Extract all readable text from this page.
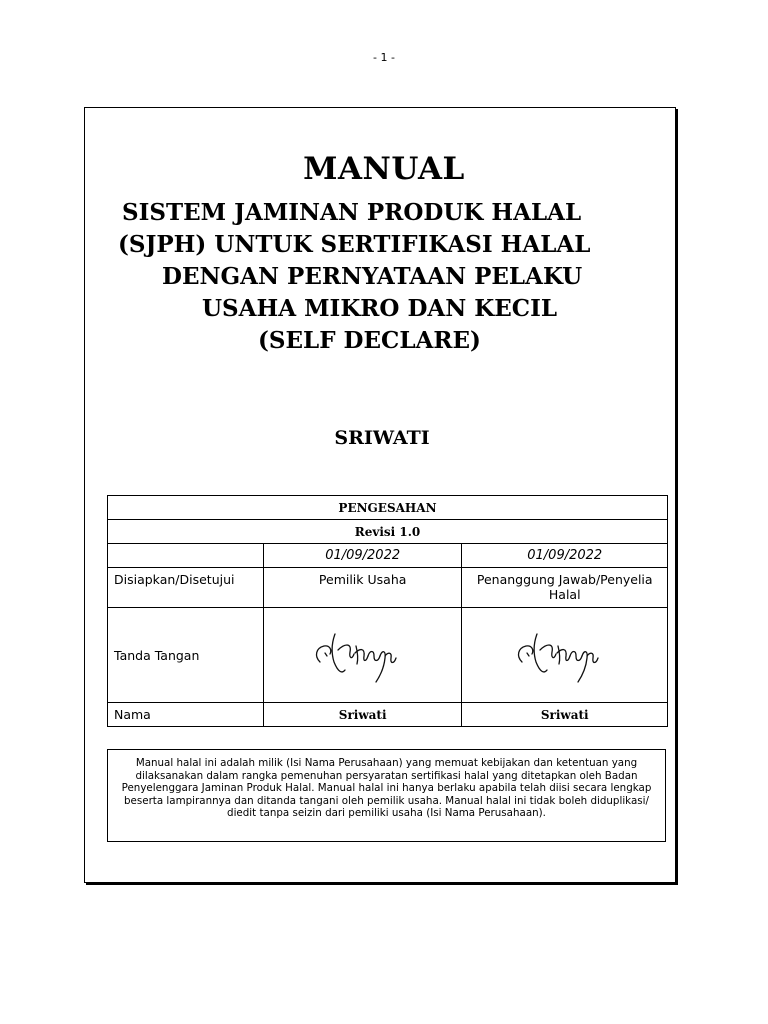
- 1 -
MANUAL
SISTEM JAMINAN PRODUK HALAL
(SJPH) UNTUK SERTIFIKASI HALAL
DENGAN PERNYATAAN PELAKU
USAHA MIKRO DAN KECIL
(SELF DECLARE)
SRIWATI
PENGESAHAN		
Revisi 1.0		
	01/09/2022	01/09/2022
Disiapkan/Disetujui	Pemilik Usaha	Penanggung Jawab/Penyelia Halal
Tanda Tangan	

Nama	Sriwati	Sriwati
Manual halal ini adalah milik (Isi Nama Perusahaan) yang memuat kebijakan dan ketentuan yang dilaksanakan dalam rangka pemenuhan persyaratan sertifikasi halal yang ditetapkan oleh Badan Penyelenggara Jaminan Produk Halal. Manual halal ini hanya berlaku apabila telah diisi secara lengkap beserta lampirannya dan ditanda tangani oleh pemilik usaha. Manual halal ini tidak boleh diduplikasi/ diedit tanpa seizin dari pemiliki usaha (Isi Nama Perusahaan).
